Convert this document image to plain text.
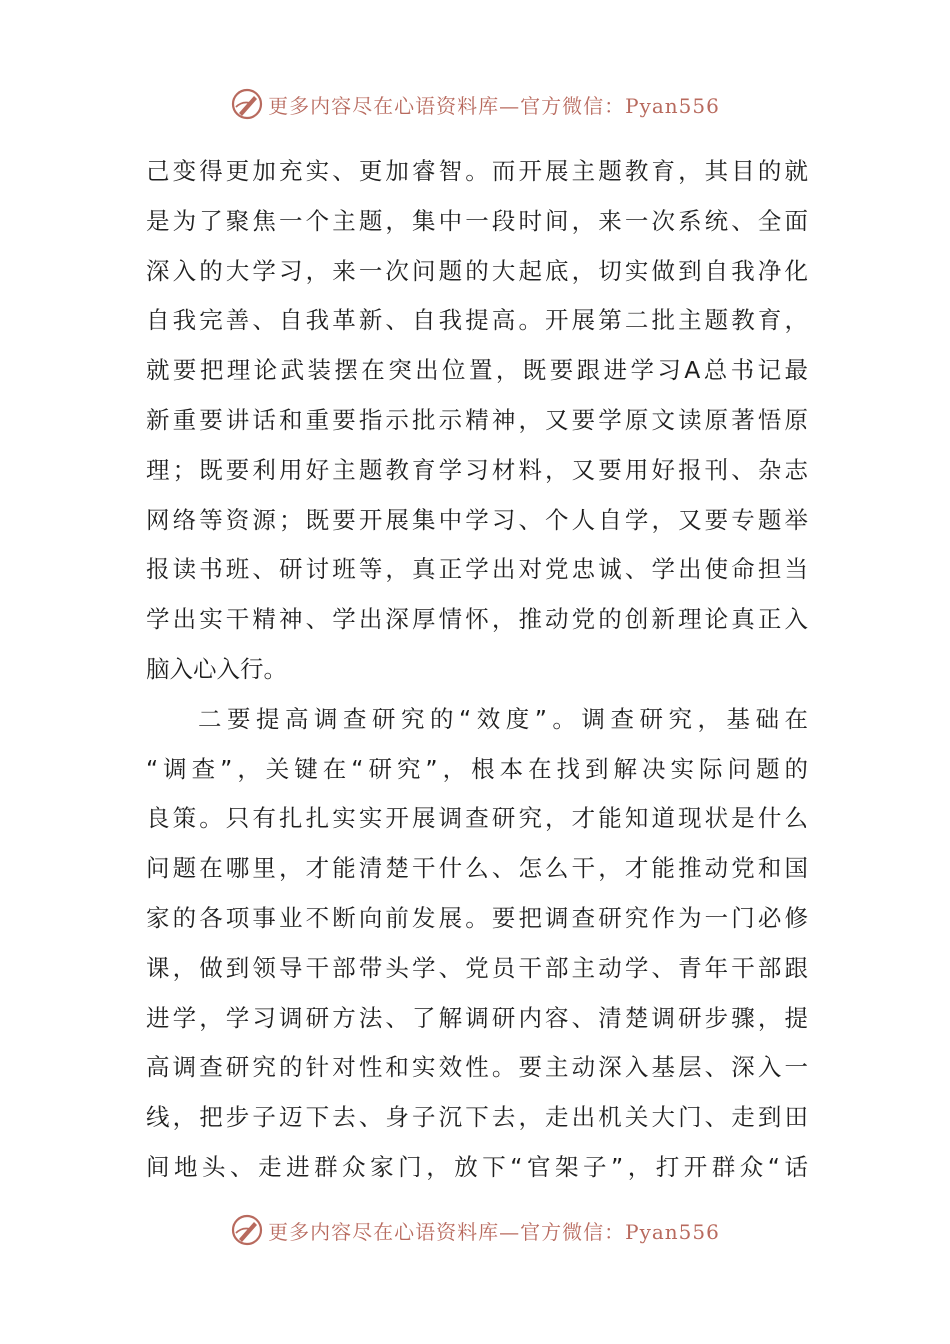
更多内容尽在心语资料库—官方微信：Pyan556
己变得更加充实、更加睿智。而开展主题教育，其目的就
是为了聚焦一个主题，集中一段时间，来一次系统、全面
深入的大学习，来一次问题的大起底，切实做到自我净化
自我完善、自我革新、自我提高。开展第二批主题教育，
就要把理论武装摆在突出位置，既要跟进学习A总书记最
新重要讲话和重要指示批示精神，又要学原文读原著悟原
理；既要利用好主题教育学习材料，又要用好报刊、杂志
网络等资源；既要开展集中学习、个人自学，又要专题举
报读书班、研讨班等，真正学出对党忠诚、学出使命担当
学出实干精神、学出深厚情怀，推动党的创新理论真正入
脑入心入行。
二要提高调查研究的“效度”。调查研究，基础在
“调查”，关键在“研究”，根本在找到解决实际问题的
良策。只有扎扎实实开展调查研究，才能知道现状是什么
问题在哪里，才能清楚干什么、怎么干，才能推动党和国
家的各项事业不断向前发展。要把调查研究作为一门必修
课，做到领导干部带头学、党员干部主动学、青年干部跟
进学，学习调研方法、了解调研内容、清楚调研步骤，提
高调查研究的针对性和实效性。要主动深入基层、深入一
线，把步子迈下去、身子沉下去，走出机关大门、走到田
间地头、走进群众家门，放下“官架子”，打开群众“话
更多内容尽在心语资料库—官方微信：Pyan556
